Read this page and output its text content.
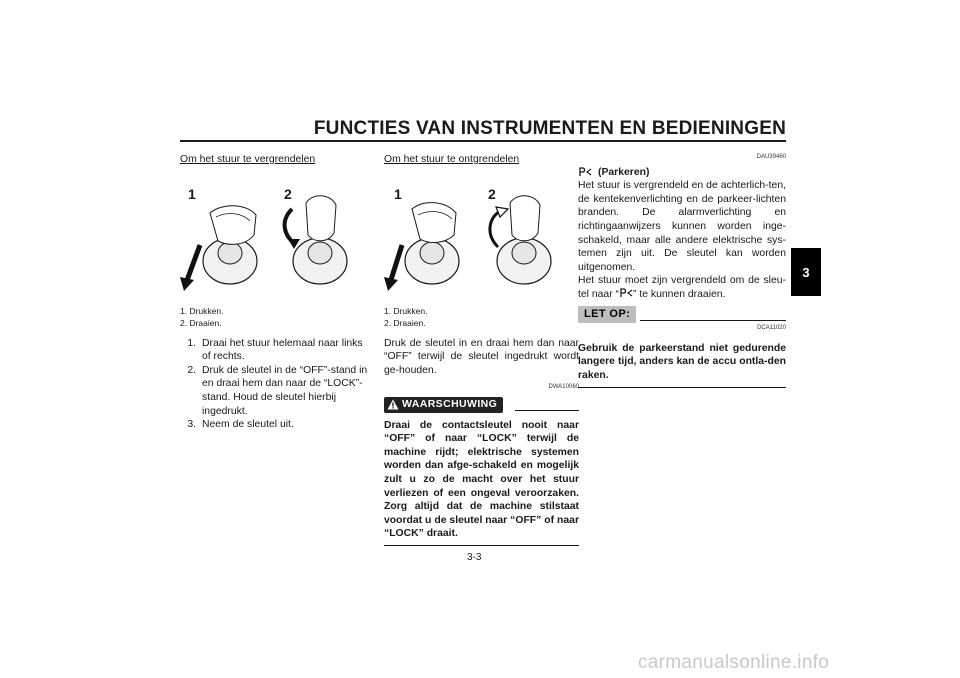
FUNCTIES VAN INSTRUMENTEN EN BEDIENINGEN
3
Om het stuur te vergrendelen
1	2
1. Drukken.
2. Draaien.
1. Draai het stuur helemaal naar links of rechts.
2. Druk de sleutel in de “OFF”-stand in en draai hem dan naar de “LOCK”-stand. Houd de sleutel hierbij ingedrukt.
3. Neem de sleutel uit.
Om het stuur te ontgrendelen
1	2
1. Drukken.
2. Draaien.
Druk de sleutel in en draai hem dan naar “OFF” terwijl de sleutel ingedrukt wordt ge-houden.
DWA10060
WAARSCHUWING
Draai de contactsleutel nooit naar “OFF” of naar “LOCK” terwijl de machine rijdt; elektrische systemen worden dan afge-schakeld en mogelijk zult u zo de macht over het stuur verliezen of een ongeval veroorzaken. Zorg altijd dat de machine stilstaat voordat u de sleutel naar “OFF” of naar “LOCK” draait.
DAU39460
(Parkeren)
Het stuur is vergrendeld en de achterlich-ten, de kentekenverlichting en de parkeer-lichten branden. De alarmverlichting en richtingaanwijzers kunnen worden inge-schakeld, maar alle andere elektrische sys-temen zijn uit. De sleutel kan worden uitgenomen.
Het stuur moet zijn vergrendeld om de sleu-tel naar “ ” te kunnen draaien.
LET OP:
DCA11020
Gebruik de parkeerstand niet gedurende langere tijd, anders kan de accu ontla-den raken.
3-3
carmanualsonline.info
